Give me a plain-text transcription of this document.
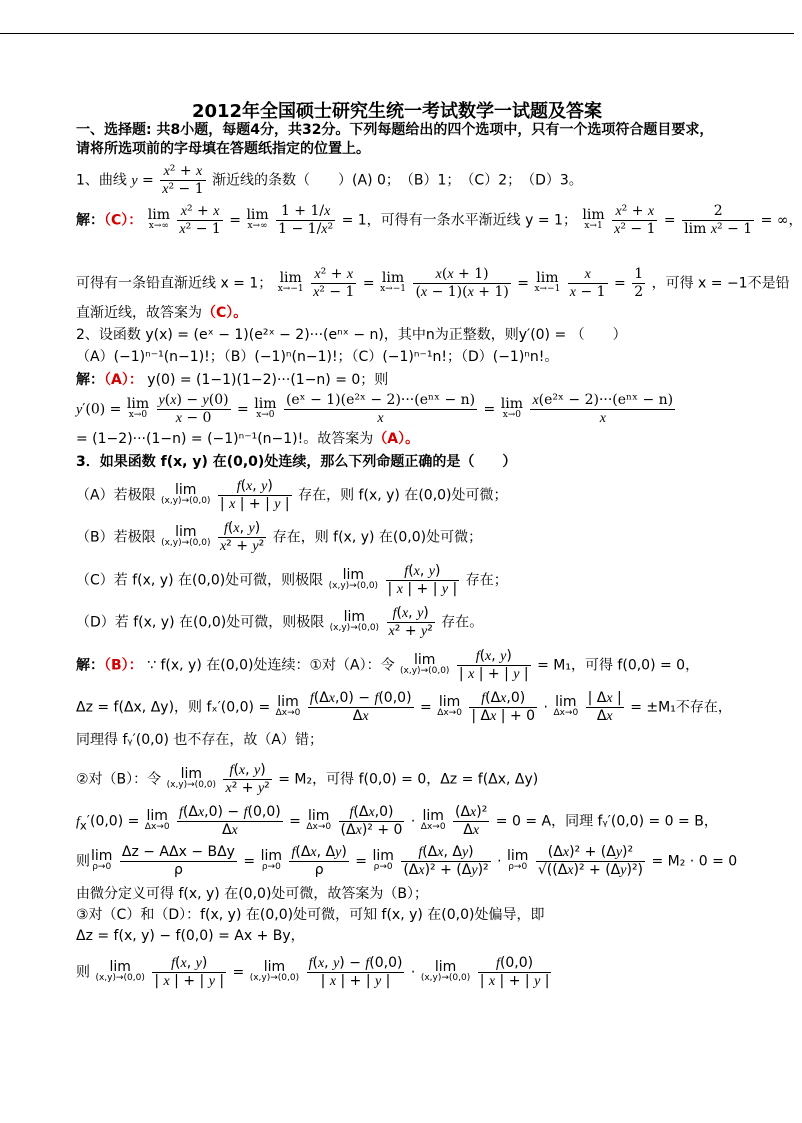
2012年全国硕士研究生统一考试数学一试题及答案
一、选择题: 共8小题，每题4分，共32分。下列每题给出的四个选项中，只有一个选项符合题目要求，
请将所选项前的字母填在答题纸指定的位置上。
1、曲线 $y = \frac{\text{x² + x}}{\text{x² − 1}}$ 渐近线的条数（　　）(A) 0；　（B）1；　（C）2；　（D）3。
解：（C）： lim
x→∞
$\frac{\text{x² + x}}{\text{x² − 1}} = \lim$
x→∞
$\frac{1 + 1/x}{\text{1 − 1/x²}} = 1$，可得有一条水平渐近线 y = 1； lim
x→1
$\frac{\text{x² + x}}{\text{x² − 1}} = \frac{2}{\text{lim x² − 1}}$ = ∞，
可得有一条铅直渐近线 x = 1； lim
x→−1
$\frac{\text{x² + x}}{\text{x² − 1}} = \lim$
x→−1
$\frac{x(x + 1)}{(x - 1)(x + 1)} = \lim$
x→−1
$\frac{x}{x - 1} = \frac{1}{2}$ ，可得 x = −1不是铅
直渐近线，故答案为（C）。
2、设函数 y(x) = (eˣ − 1)(e²ˣ − 2)···(eⁿˣ − n)，其中n为正整数，则y′(0) = （　　）
（A）(−1)ⁿ⁻¹(n−1)!；（B）(−1)ⁿ(n−1)!；（C）(−1)ⁿ⁻¹n!；（D）(−1)ⁿn!。
解：（A）： y(0) = (1−1)(1−2)···(1−n) = 0；则
y′(0) = lim
x→0
$\frac{y(x) - y(0)}{x - 0} = \lim$
x→0
$\frac{\text{(eˣ − 1)(e²ˣ − 2)···(eⁿˣ − n)}}{x} = \lim$
x→0
$\frac{\text{x(e²ˣ − 2)···(eⁿˣ − n)}}{x}$
= (1−2)···(1−n) = (−1)ⁿ⁻¹(n−1)!。故答案为（A）。
3．如果函数 f(x, y) 在(0,0)处连续，那么下列命题正确的是（　　）
（A）若极限	lim
(x,y)→(0,0)
$\frac{f(x, y)}{| x | + | y |}$ 存在，则 f(x, y) 在(0,0)处可微；
（B）若极限	lim
(x,y)→(0,0)
$\frac{f(x, y)}{\text{x² + y²}}$ 存在，则 f(x, y) 在(0,0)处可微；
（C）若 f(x, y) 在(0,0)处可微，则极限	lim
(x,y)→(0,0)
$\frac{f(x, y)}{| x | + | y |}$ 存在；
（D）若 f(x, y) 在(0,0)处可微，则极限	lim
(x,y)→(0,0)
$\frac{f(x, y)}{\text{x² + y²}}$ 存在。
解：（B）： ∵ f(x, y) 在(0,0)处连续：①对（A）：令	lim
(x,y)→(0,0)
$\frac{f(x, y)}{| x | + | y |} = M_1$，可得 f(0,0) = 0，
Δz = f(Δx, Δy)，则 fₓ′(0,0) = lim
Δx→0
$\frac{f(\Delta x,0) - f(0,0)}{\Delta x} = \lim$
Δx→0
$\frac{f(\Delta x,0)}{| \Delta x | + 0} \cdot \lim$
Δx→0
$\frac{| \Delta x |}{\Delta x} = \pm M_1$不存在，
同理得 fᵧ′(0,0) 也不存在，故（A）错；
②对（B）：令	lim
(x,y)→(0,0)
$\frac{f(x, y)}{\text{x² + y²}} = M_2$，可得 f(0,0) = 0，Δz = f(Δx, Δy)
$f_x'(0,0) = \lim$
Δx→0
$\frac{f(\Delta x,0) - f(0,0)}{\Delta x} = \lim$
Δx→0
$\frac{f(\Delta x,0)}{\text{(Δx)² + 0}} \cdot \lim$
Δx→0
$\frac{\text{(Δx)²}}{\Delta x} = 0 = A$，同理 fᵧ′(0,0) = 0 = B，
则 lim
ρ→0
$\frac{\text{Δz − AΔx − BΔy}}{\rho} = \lim$
ρ→0
$\frac{f(\Delta x, \Delta y)}{\rho} = \lim$
ρ→0
$\frac{f(\Delta x, \Delta y)}{\text{(Δx)² + (Δy)²}} \cdot \lim$
ρ→0
$\frac{\text{(Δx)² + (Δy)²}}{\text{√((Δx)² + (Δy)²)}} = M_2 \cdot 0 = 0$
由微分定义可得 f(x, y) 在(0,0)处可微，故答案为（B）；
③对（C）和（D）：f(x, y) 在(0,0)处可微，可知 f(x, y) 在(0,0)处偏导，即
Δz = f(x, y) − f(0,0) = Ax + By，
则	lim
(x,y)→(0,0)
$\frac{f(x, y)}{| x | + | y |}$ =	lim
(x,y)→(0,0)
$\frac{f(x, y) - f(0,0)}{| x | + | y |}$ ·	lim
(x,y)→(0,0)
$\frac{f(0,0)}{| x | + | y |}$
